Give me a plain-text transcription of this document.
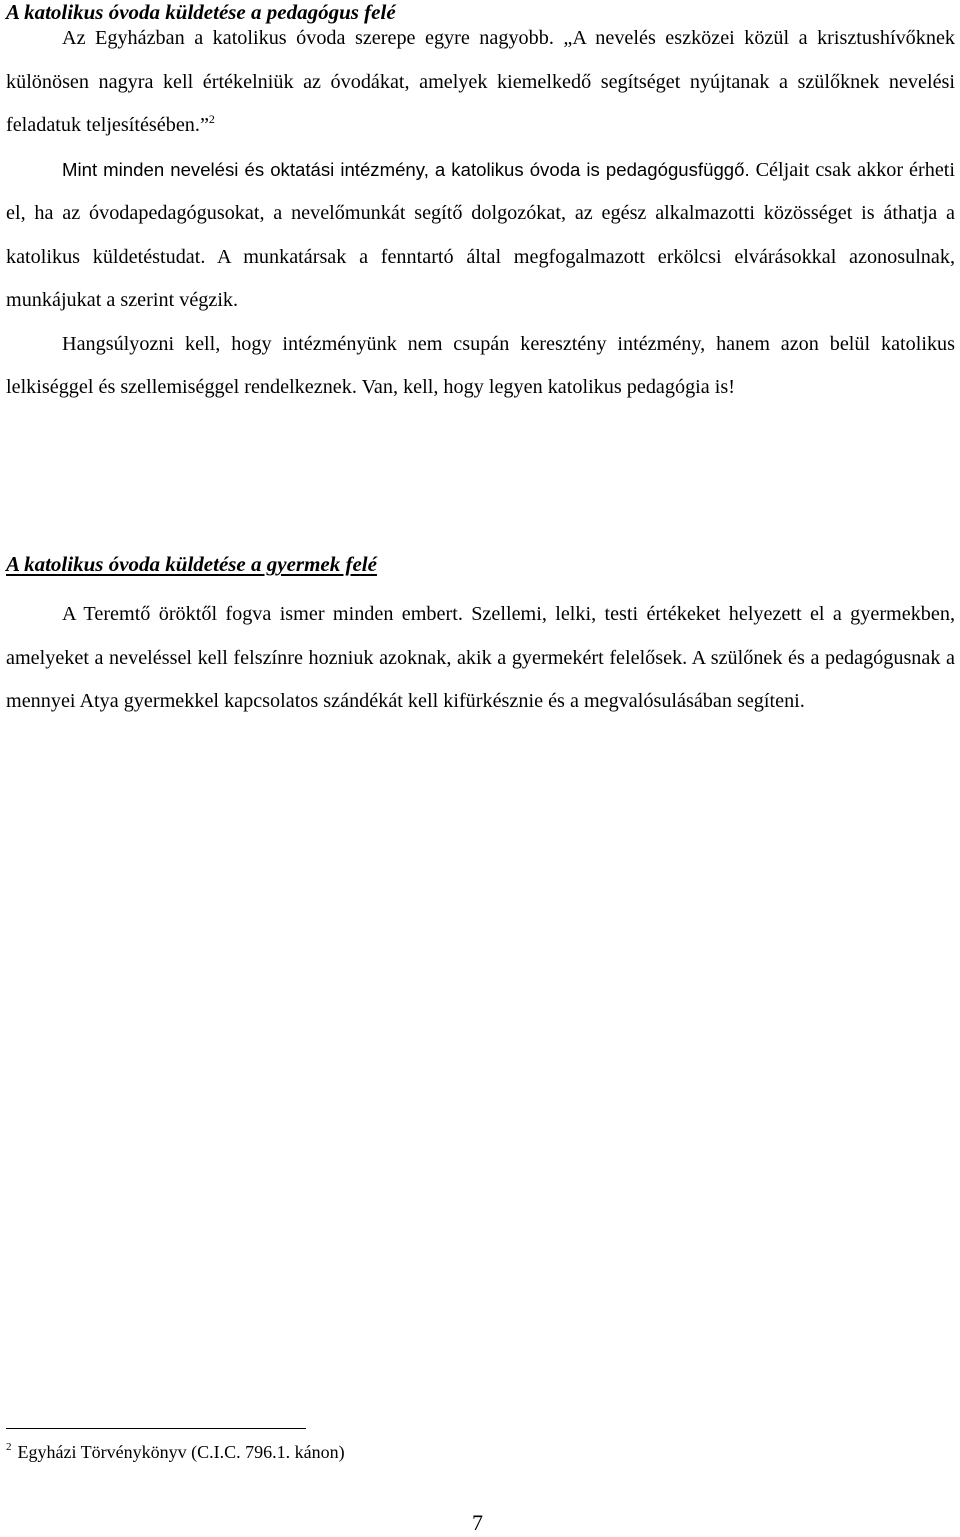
A katolikus óvoda küldetése a pedagógus felé
Az Egyházban a katolikus óvoda szerepe egyre nagyobb. „A nevelés eszközei közül a krisztushívőknek különösen nagyra kell értékelniük az óvodákat, amelyek kiemelkedő segítséget nyújtanak a szülőknek nevelési feladatuk teljesítésében.”$^2$
Mint minden nevelési és oktatási intézmény, a katolikus óvoda is pedagógusfüggő. Céljait csak akkor érheti el, ha az óvodapedagógusokat, a nevelőmunkát segítő dolgozókat, az egész alkalmazotti közösséget is áthatja a katolikus küldetéstudat. A munkatársak a fenntartó által megfogalmazott erkölcsi elvárásokkal azonosulnak, munkájukat a szerint végzik.
Hangsúlyozni kell, hogy intézményünk nem csupán keresztény intézmény, hanem azon belül katolikus lelkiséggel és szellemiséggel rendelkeznek. Van, kell, hogy legyen katolikus pedagógia is!
A katolikus óvoda küldetése a gyermek felé
A Teremtő öröktől fogva ismer minden embert. Szellemi, lelki, testi értékeket helyezett el a gyermekben, amelyeket a neveléssel kell felszínre hozniuk azoknak, akik a gyermekért felelősek. A szülőnek és a pedagógusnak a mennyei Atya gyermekkel kapcsolatos szándékát kell kifürkésznie és a megvalósulásában segíteni.
$^2$ Egyházi Törvénykönyv (C.I.C. 796.1. kánon)
7
